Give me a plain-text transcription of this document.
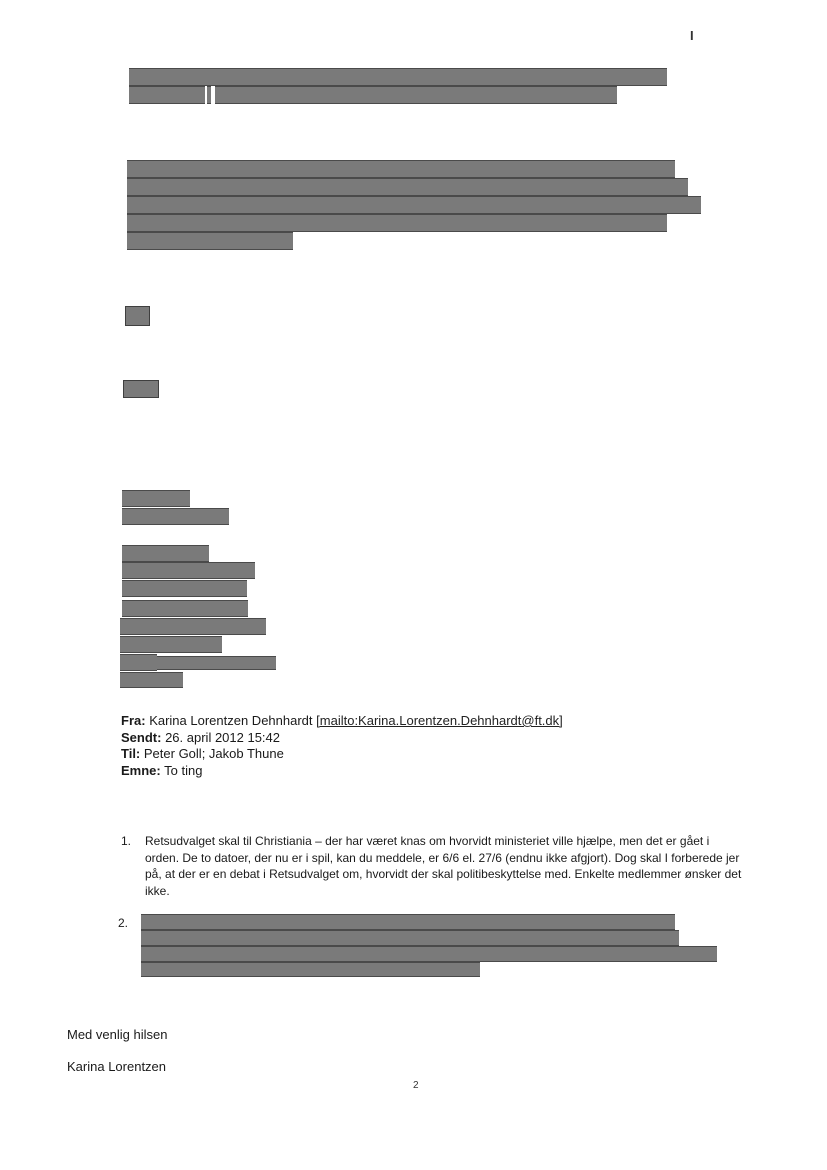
I
Fra: Karina Lorentzen Dehnhardt [mailto:Karina.Lorentzen.Dehnhardt@ft.dk]
Sendt: 26. april 2012 15:42
Til: Peter Goll; Jakob Thune
Emne: To ting
1. Retsudvalget skal til Christiania – der har været knas om hvorvidt ministeriet ville hjælpe, men det er gået i orden. De to datoer, der nu er i spil, kan du meddele, er 6/6 el. 27/6 (endnu ikke afgjort). Dog skal I forberede jer på, at der er en debat i Retsudvalget om, hvorvidt der skal politibeskyttelse med. Enkelte medlemmer ønsker det ikke.
2.
Med venlig hilsen
Karina Lorentzen
2
